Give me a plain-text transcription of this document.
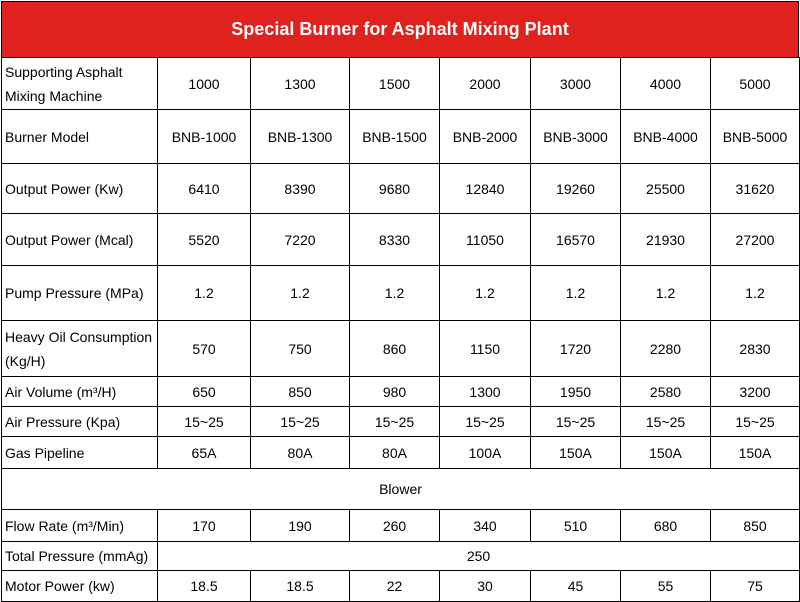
Special Burner for Asphalt Mixing Plant
Supporting Asphalt Mixing Machine	1000	1300	1500	2000	3000	4000	5000
Burner Model	BNB-1000	BNB-1300	BNB-1500	BNB-2000	BNB-3000	BNB-4000	BNB-5000
Output Power (Kw)	6410	8390	9680	12840	19260	25500	31620
Output Power (Mcal)	5520	7220	8330	11050	16570	21930	27200
Pump Pressure (MPa)	1.2	1.2	1.2	1.2	1.2	1.2	1.2
Heavy Oil Consumption (Kg/H)	570	750	860	1150	1720	2280	2830
Air Volume (m³/H)	650	850	980	1300	1950	2580	3200
Air Pressure (Kpa)	15~25	15~25	15~25	15~25	15~25	15~25	15~25
Gas Pipeline	65A	80A	80A	100A	150A	150A	150A
Blower							
Flow Rate (m³/Min)	170	190	260	340	510	680	850
Total Pressure (mmAg)	250						
Motor Power (kw)	18.5	18.5	22	30	45	55	75
